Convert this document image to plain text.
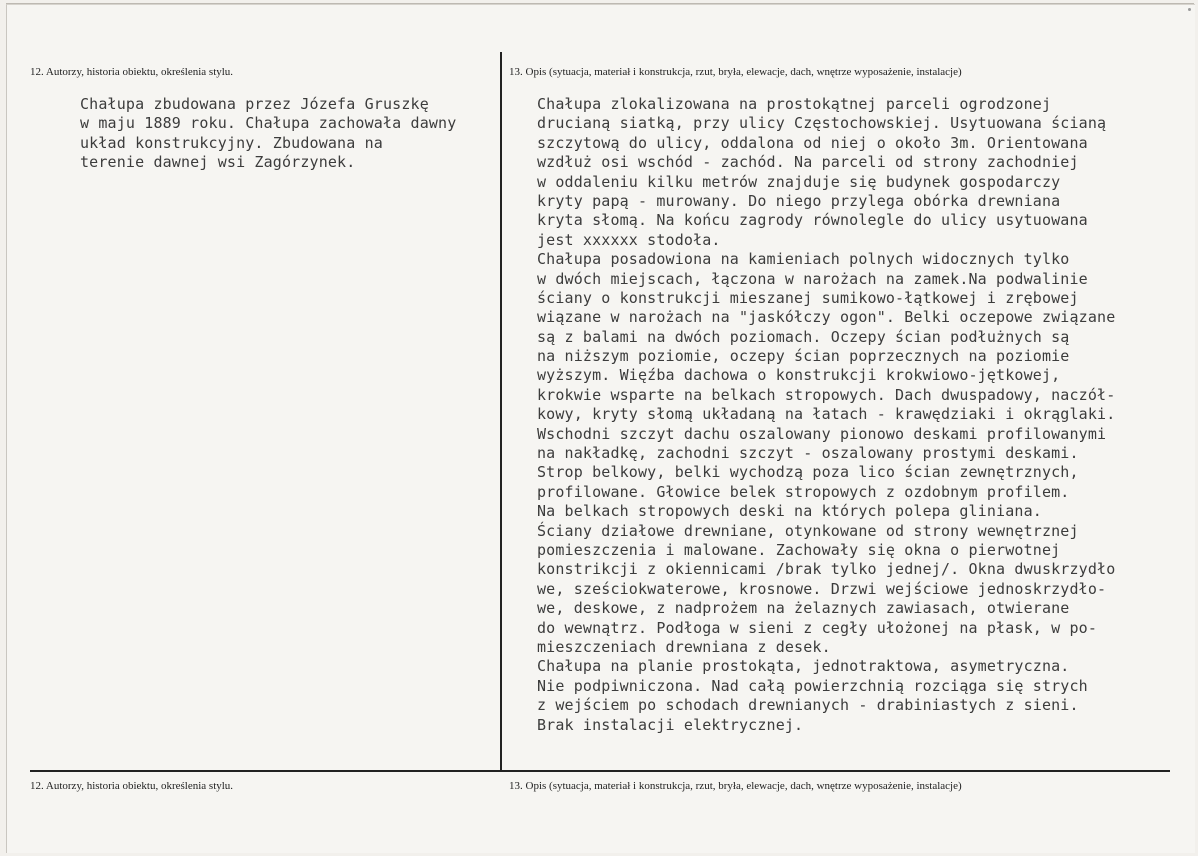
12. Autorzy, historia obiektu, określenia stylu.	13. Opis (sytuacja, materiał i konstrukcja, rzut, bryła, elewacje, dach, wnętrze wyposażenie, instalacje)
Chałupa zbudowana przez Józefa Gruszkę
w maju 1889 roku. Chałupa zachowała dawny
układ konstrukcyjny. Zbudowana na
terenie dawnej wsi Zagórzynek.
Chałupa zlokalizowana na prostokątnej parceli ogrodzonej
drucianą siatką, przy ulicy Częstochowskiej. Usytuowana ścianą
szczytową do ulicy, oddalona od niej o około 3m. Orientowana
wzdłuż osi wschód - zachód. Na parceli od strony zachodniej
w oddaleniu kilku metrów znajduje się budynek gospodarczy
kryty papą - murowany. Do niego przylega obórka drewniana
kryta słomą. Na końcu zagrody równolegle do ulicy usytuowana
jest xxxxxx stodoła.
Chałupa posadowiona na kamieniach polnych widocznych tylko
w dwóch miejscach, łączona w narożach na zamek.Na podwalinie
ściany o konstrukcji mieszanej sumikowo-łątkowej i zrębowej
wiązane w narożach na "jaskółczy ogon". Belki oczepowe związane
są z balami na dwóch poziomach. Oczepy ścian podłużnych są
na niższym poziomie, oczepy ścian poprzecznych na poziomie
wyższym. Więźba dachowa o konstrukcji krokwiowo-jętkowej,
krokwie wsparte na belkach stropowych. Dach dwuspadowy, naczół-
kowy, kryty słomą układaną na łatach - krawędziaki i okrąglaki.
Wschodni szczyt dachu oszalowany pionowo deskami profilowanymi
na nakładkę, zachodni szczyt - oszalowany prostymi deskami.
Strop belkowy, belki wychodzą poza lico ścian zewnętrznych,
profilowane. Głowice belek stropowych z ozdobnym profilem.
Na belkach stropowych deski na których polepa gliniana.
Ściany działowe drewniane, otynkowane od strony wewnętrznej
pomieszczenia i malowane. Zachowały się okna o pierwotnej
konstrikcji z okiennicami /brak tylko jednej/. Okna dwuskrzydło
we, sześciokwaterowe, krosnowe. Drzwi wejściowe jednoskrzydło-
we, deskowe, z nadprożem na żelaznych zawiasach, otwierane
do wewnątrz. Podłoga w sieni z cegły ułożonej na płask, w po-
mieszczeniach drewniana z desek.
Chałupa na planie prostokąta, jednotraktowa, asymetryczna.
Nie podpiwniczona. Nad całą powierzchnią rozciąga się strych
z wejściem po schodach drewnianych - drabiniastych z sieni.
Brak instalacji elektrycznej.
12. Autorzy, historia obiektu, określenia stylu.	13. Opis (sytuacja, materiał i konstrukcja, rzut, bryła, elewacje, dach, wnętrze wyposażenie, instalacje)
